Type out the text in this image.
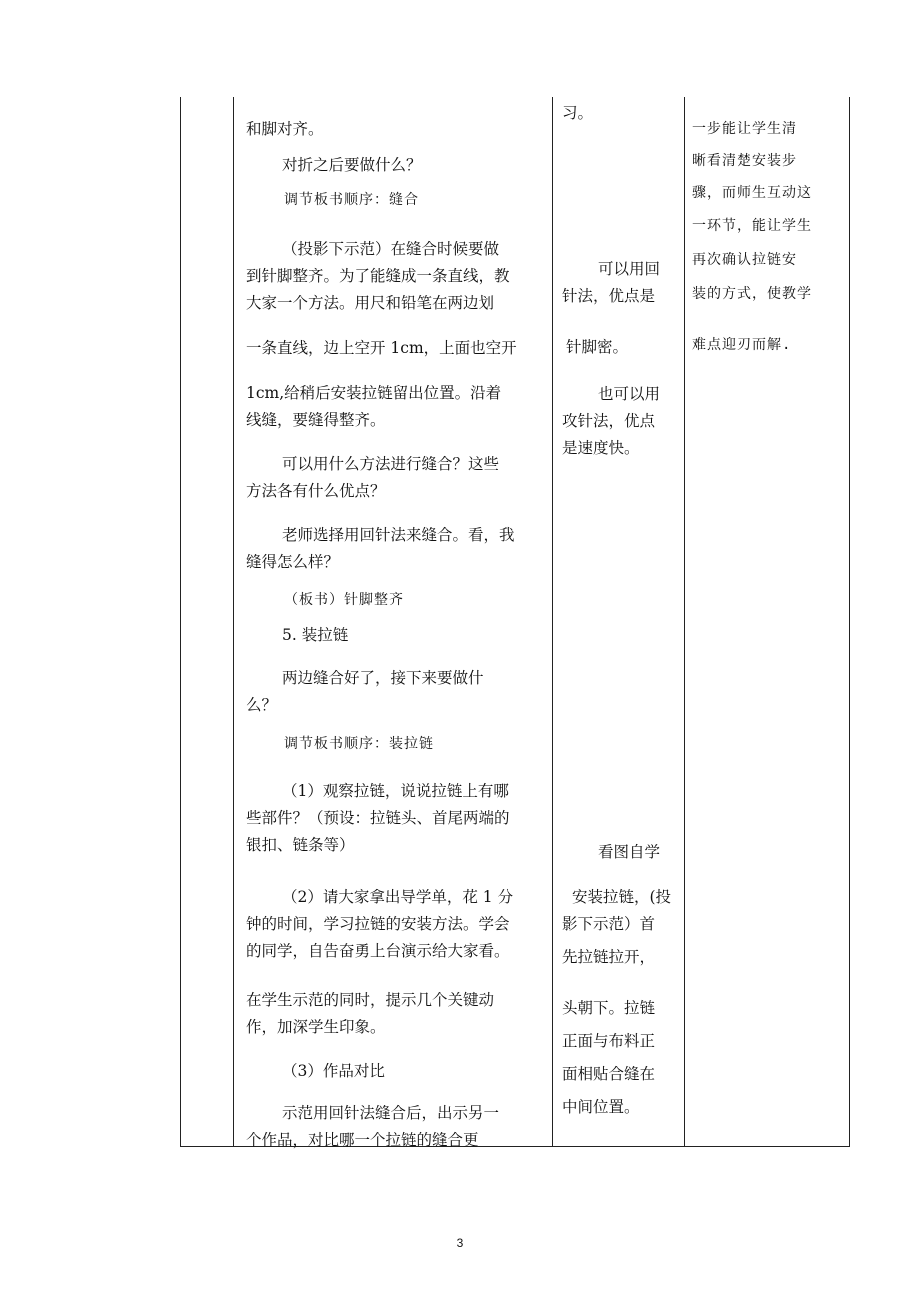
和脚对齐。
对折之后要做什么？
调节板书顺序：缝合
（投影下示范）在缝合时候要做
到针脚整齐。为了能缝成一条直线，教
大家一个方法。用尺和铅笔在两边划
一条直线，边上空开 1cm，上面也空开
1cm,给稍后安装拉链留出位置。沿着
线缝，要缝得整齐。
可以用什么方法进行缝合？这些
方法各有什么优点？
老师选择用回针法来缝合。看，我
缝得怎么样？
（板书）针脚整齐
5. 装拉链
两边缝合好了，接下来要做什
么？
调节板书顺序：装拉链
（1）观察拉链，说说拉链上有哪
些部件？（预设：拉链头、首尾两端的
银扣、链条等）
（2）请大家拿出导学单，花 1 分
钟的时间，学习拉链的安装方法。学会
的同学，自告奋勇上台演示给大家看。
在学生示范的同时，提示几个关键动
作，加深学生印象。
（3）作品对比
示范用回针法缝合后，出示另一
个作品，对比哪一个拉链的缝合更
习。
可以用回
针法，优点是
针脚密。
也可以用
攻针法，优点
是速度快。
看图自学
安装拉链，(投
影下示范）首
先拉链拉开，
头朝下。拉链
正面与布料正
面相贴合缝在
中间位置。
一步能让学生清
晰看清楚安装步
骤，而师生互动这
一环节，能让学生
再次确认拉链安
装的方式，使教学
难点迎刃而解.
3
